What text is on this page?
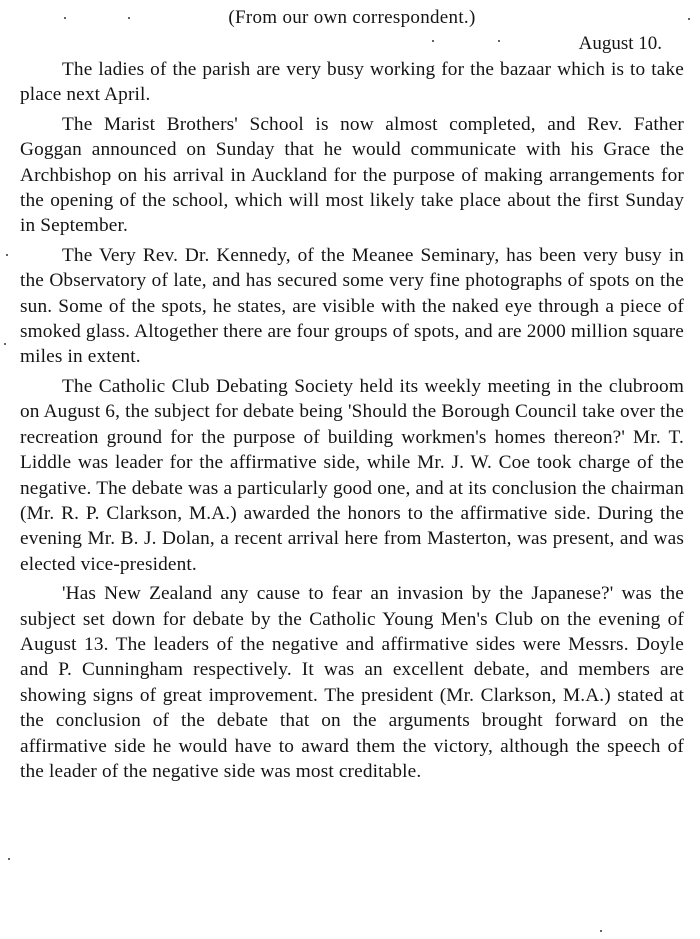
(From our own correspondent.)
August 10.

The ladies of the parish are very busy working for the bazaar which is to take place next April.

The Marist Brothers' School is now almost completed, and Rev. Father Goggan announced on Sunday that he would communicate with his Grace the Archbishop on his arrival in Auckland for the purpose of making arrangements for the opening of the school, which will most likely take place about the first Sunday in September.

The Very Rev. Dr. Kennedy, of the Meanee Seminary, has been very busy in the Observatory of late, and has secured some very fine photographs of spots on the sun. Some of the spots, he states, are visible with the naked eye through a piece of smoked glass. Altogether there are four groups of spots, and are 2000 million square miles in extent.

The Catholic Club Debating Society held its weekly meeting in the clubroom on August 6, the subject for debate being 'Should the Borough Council take over the recreation ground for the purpose of building workmen's homes thereon?' Mr. T. Liddle was leader for the affirmative side, while Mr. J. W. Coe took charge of the negative. The debate was a particularly good one, and at its conclusion the chairman (Mr. R. P. Clarkson, M.A.) awarded the honors to the affirmative side. During the evening Mr. B. J. Dolan, a recent arrival here from Masterton, was present, and was elected vice-president.

'Has New Zealand any cause to fear an invasion by the Japanese?' was the subject set down for debate by the Catholic Young Men's Club on the evening of August 13. The leaders of the negative and affirmative sides were Messrs. Doyle and P. Cunningham respectively. It was an excellent debate, and members are showing signs of great improvement. The president (Mr. Clarkson, M.A.) stated at the conclusion of the debate that on the arguments brought forward on the affirmative side he would have to award them the victory, although the speech of the leader of the negative side was most creditable.
